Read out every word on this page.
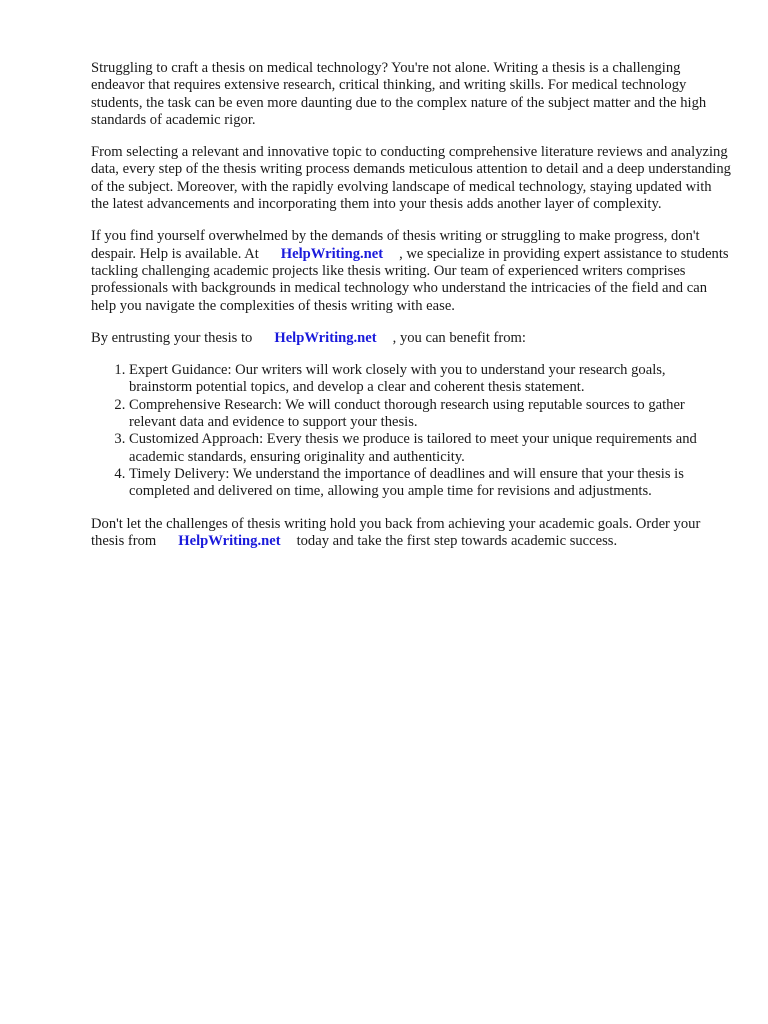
Struggling to craft a thesis on medical technology? You're not alone. Writing a thesis is a challenging endeavor that requires extensive research, critical thinking, and writing skills. For medical technology students, the task can be even more daunting due to the complex nature of the subject matter and the high standards of academic rigor.

From selecting a relevant and innovative topic to conducting comprehensive literature reviews and analyzing data, every step of the thesis writing process demands meticulous attention to detail and a deep understanding of the subject. Moreover, with the rapidly evolving landscape of medical technology, staying updated with the latest advancements and incorporating them into your thesis adds another layer of complexity.

If you find yourself overwhelmed by the demands of thesis writing or struggling to make progress, don't despair. Help is available. At HelpWriting.net , we specialize in providing expert assistance to students tackling challenging academic projects like thesis writing. Our team of experienced writers comprises professionals with backgrounds in medical technology who understand the intricacies of the field and can help you navigate the complexities of thesis writing with ease.

By entrusting your thesis to HelpWriting.net , you can benefit from:

1. Expert Guidance: Our writers will work closely with you to understand your research goals, brainstorm potential topics, and develop a clear and coherent thesis statement.
2. Comprehensive Research: We will conduct thorough research using reputable sources to gather relevant data and evidence to support your thesis.
3. Customized Approach: Every thesis we produce is tailored to meet your unique requirements and academic standards, ensuring originality and authenticity.
4. Timely Delivery: We understand the importance of deadlines and will ensure that your thesis is completed and delivered on time, allowing you ample time for revisions and adjustments.

Don't let the challenges of thesis writing hold you back from achieving your academic goals. Order your thesis from HelpWriting.net today and take the first step towards academic success.
